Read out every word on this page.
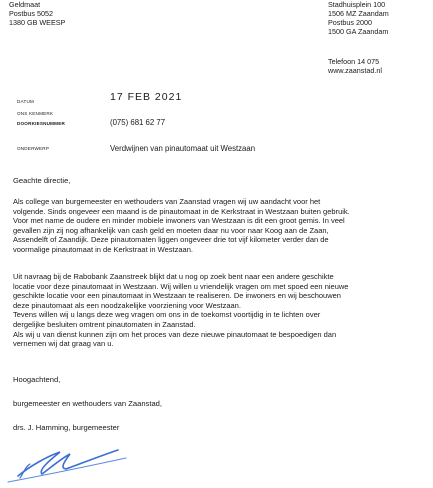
Geldmaat

Postbus 5052

1380 GB WEESP

Stadhuisplein 100

1506 MZ Zaandam

Postbus 2000

1500 GA Zaandam

Telefoon 14 075

www.zaanstad.nl

DATUM

ONS KENMERK

DOORKIESNUMMER

ONDERWERP

17 FEB 2021
(075) 681 62 77
Verdwijnen van pinautomaat uit Westzaan

Geachte directie,

Als college van burgemeester en wethouders van Zaanstad vragen wij uw aandacht voor het
volgende. Sinds ongeveer een maand is de pinautomaat in de Kerkstraat in Westzaan buiten gebruik.
Voor met name de oudere en minder mobiele inwoners van Westzaan is dit een groot gemis. In veel
gevallen zijn zij nog afhankelijk van cash geld en moeten daar nu voor naar Koog aan de Zaan,
Assendelft of Zaandijk. Deze pinautomaten liggen ongeveer drie tot vijf kilometer verder dan de
voormalige pinautomaat in de Kerkstraat in Westzaan.
Uit navraag bij de Rabobank Zaanstreek blijkt dat u nog op zoek bent naar een andere geschikte
locatie voor deze pinautomaat in Westzaan. Wij willen u vriendelijk vragen om met spoed een nieuwe
geschikte locatie voor een pinautomaat in Westzaan te realiseren. De inwoners en wij beschouwen
deze pinautomaat als een noodzakelijke voorziening voor Westzaan.
Tevens willen wij u langs deze weg vragen om ons in de toekomst voortijdig in te lichten over
dergelijke besluiten omtrent pinautomaten in Zaanstad.
Als wij u van dienst kunnen zijn om het proces van deze nieuwe pinautomaat te bespoedigen dan
vernemen wij dat graag van u.

Hoogachtend,

burgemeester en wethouders van Zaanstad,

drs. J. Hamming, burgemeester
